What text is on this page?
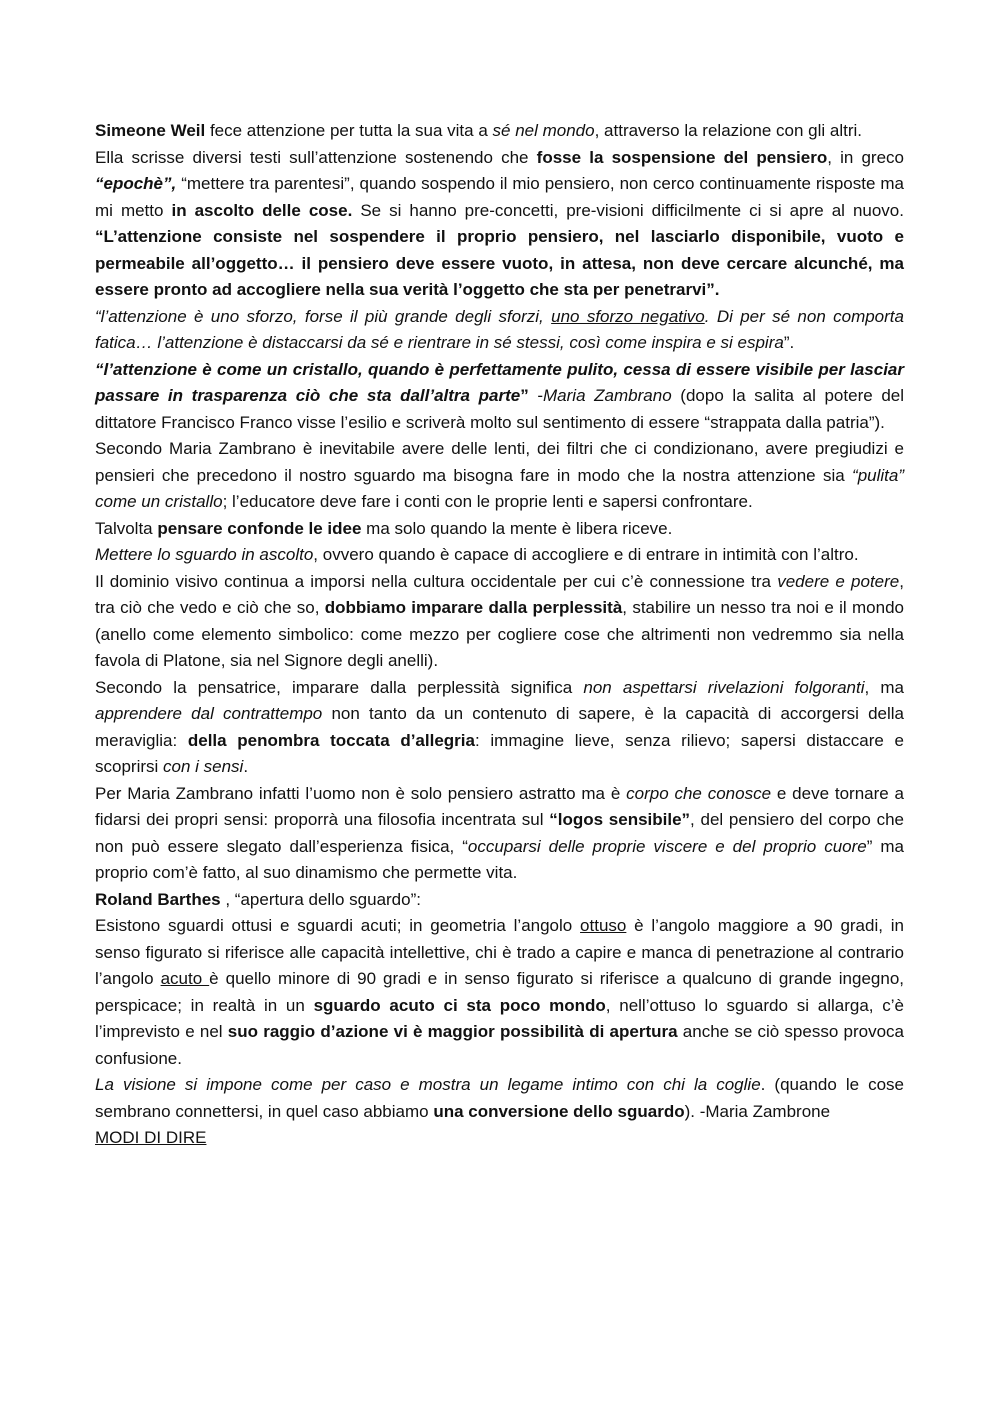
Simeone Weil fece attenzione per tutta la sua vita a sé nel mondo, attraverso la relazione con gli altri.

Ella scrisse diversi testi sull’attenzione sostenendo che fosse la sospensione del pensiero, in greco “epochè”, “mettere tra parentesi”, quando sospendo il mio pensiero, non cerco continuamente risposte ma mi metto in ascolto delle cose. Se si hanno pre-concetti, pre-visioni difficilmente ci si apre al nuovo. “L’attenzione consiste nel sospendere il proprio pensiero, nel lasciarlo disponibile, vuoto e permeabile all’oggetto… il pensiero deve essere vuoto, in attesa, non deve cercare alcunché, ma essere pronto ad accogliere nella sua verità l’oggetto che sta per penetrarvi”.

“l’attenzione è uno sforzo, forse il più grande degli sforzi, uno sforzo negativo. Di per sé non comporta fatica… l’attenzione è distaccarsi da sé e rientrare in sé stessi, così come inspira e si espira”.

“l’attenzione è come un cristallo, quando è perfettamente pulito, cessa di essere visibile per lasciar passare in trasparenza ciò che sta dall’altra parte” -Maria Zambrano (dopo la salita al potere del dittatore Francisco Franco visse l’esilio e scriverà molto sul sentimento di essere “strappata dalla patria”).

Secondo Maria Zambrano è inevitabile avere delle lenti, dei filtri che ci condizionano, avere pregiudizi e pensieri che precedono il nostro sguardo ma bisogna fare in modo che la nostra attenzione sia “pulita” come un cristallo; l’educatore deve fare i conti con le proprie lenti e sapersi confrontare.

Talvolta pensare confonde le idee ma solo quando la mente è libera riceve.

Mettere lo sguardo in ascolto, ovvero quando è capace di accogliere e di entrare in intimità con l’altro.

Il dominio visivo continua a imporsi nella cultura occidentale per cui c’è connessione tra vedere e potere, tra ciò che vedo e ciò che so, dobbiamo imparare dalla perplessità, stabilire un nesso tra noi e il mondo (anello come elemento simbolico: come mezzo per cogliere cose che altrimenti non vedremmo sia nella favola di Platone, sia nel Signore degli anelli).

Secondo la pensatrice, imparare dalla perplessità significa non aspettarsi rivelazioni folgoranti, ma apprendere dal contrattempo non tanto da un contenuto di sapere, è la capacità di accorgersi della meraviglia: della penombra toccata d’allegria: immagine lieve, senza rilievo; sapersi distaccare e scoprirsi con i sensi.

Per Maria Zambrano infatti l’uomo non è solo pensiero astratto ma è corpo che conosce e deve tornare a fidarsi dei propri sensi: proporrà una filosofia incentrata sul “logos sensibile”, del pensiero del corpo che non può essere slegato dall’esperienza fisica, “occuparsi delle proprie viscere e del proprio cuore” ma proprio com’è fatto, al suo dinamismo che permette vita.

Roland Barthes , “apertura dello sguardo”:

Esistono sguardi ottusi e sguardi acuti; in geometria l’angolo ottuso è l’angolo maggiore a 90 gradi, in senso figurato si riferisce alle capacità intellettive, chi è trado a capire e manca di penetrazione al contrario l’angolo acuto è quello minore di 90 gradi e in senso figurato si riferisce a qualcuno di grande ingegno, perspicace; in realtà in un sguardo acuto ci sta poco mondo, nell’ottuso lo sguardo si allarga, c’è l’imprevisto e nel suo raggio d’azione vi è maggior possibilità di apertura anche se ciò spesso provoca confusione.

La visione si impone come per caso e mostra un legame intimo con chi la coglie. (quando le cose sembrano connettersi, in quel caso abbiamo una conversione dello sguardo). -Maria Zambrone

MODI DI DIRE
